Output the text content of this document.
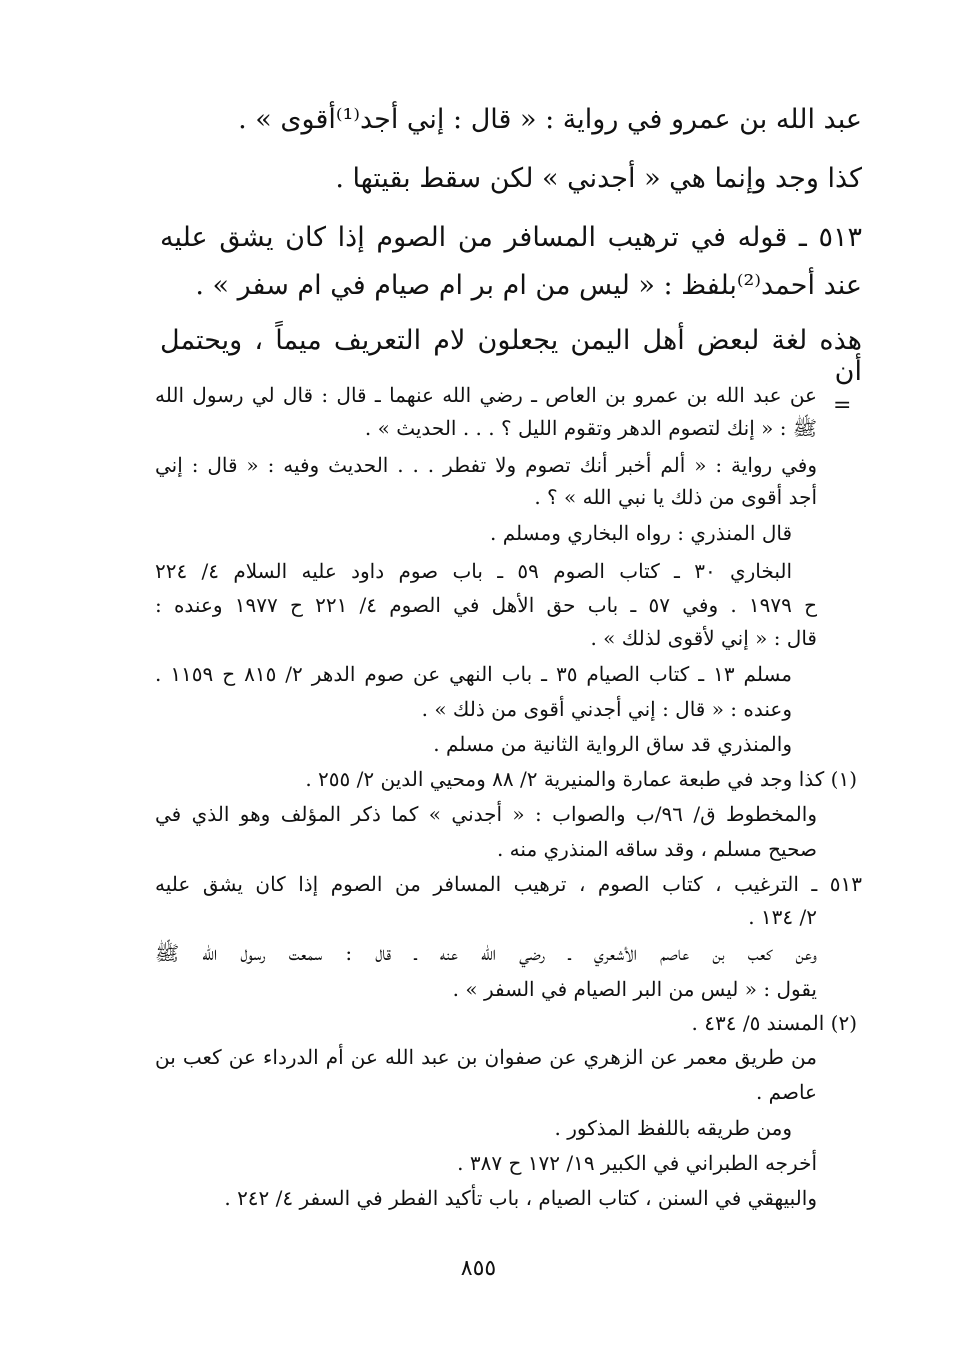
عبد الله بن عمرو في رواية : « قال : إني أجد⁽¹⁾أقوى » .
كذا وجد وإنما هي « أجدني » لكن سقط بقيتها .
٥١٣ ـ قوله في ترهيب المسافر من الصوم إذا كان يشق عليه
عند أحمد⁽²⁾بلفظ : « ليس من ام بر ام صيام في ام سفر » .
هذه لغة لبعض أهل اليمن يجعلون لام التعريف ميماً ، ويحتمل أن
=
عن عبد الله بن عمرو بن العاص ـ رضي الله عنهما ـ قال : قال لي رسول الله
ﷺ : « إنك لتصوم الدهر وتقوم الليل ؟ . . . الحديث » .
وفي رواية : « ألم أخبر أنك تصوم ولا تفطر . . . الحديث وفيه : « قال : إني
أجد أقوى من ذلك يا نبي الله » ؟ .
قال المنذري : رواه البخاري ومسلم .
البخاري ٣٠ ـ كتاب الصوم ٥٩ ـ باب صوم داود عليه السلام ٤/ ٢٢٤
ح ١٩٧٩ . وفي ٥٧ ـ باب حق الأهل في الصوم ٤/ ٢٢١ ح ١٩٧٧ وعنده :
قال : « إني لأقوى لذلك » .
مسلم ١٣ ـ كتاب الصيام ٣٥ ـ باب النهي عن صوم الدهر ٢/ ٨١٥ ح ١١٥٩ .
وعنده : « قال : إني أجدني أقوى من ذلك » .
والمنذري قد ساق الرواية الثانية من مسلم .
(١) كذا وجد في طبعة عمارة والمنيرية ٢/ ٨٨ ومحيي الدين ٢/ ٢٥٥ .
والمخطوط ق/ ٩٦/ب والصواب : « أجدني » كما ذكر المؤلف وهو الذي في
صحيح مسلم ، وقد ساقه المنذري منه .
٥١٣ ـ الترغيب ، كتاب الصوم ، ترهيب المسافر من الصوم إذا كان يشق عليه
٢/ ١٣٤ .
وعن كعب بن عاصم الأشعري ـ رضي الله عنه ـ قال : سمعت رسول الله ﷺ
يقول : « ليس من البر الصيام في السفر » .
(٢) المسند ٥/ ٤٣٤ .
من طريق معمر عن الزهري عن صفوان بن عبد الله عن أم الدرداء عن كعب بن
عاصم .
ومن طريقه باللفظ المذكور .
أخرجه الطبراني في الكبير ١٩/ ١٧٢ ح ٣٨٧ .
والبيهقي في السنن ، كتاب الصيام ، باب تأكيد الفطر في السفر ٤/ ٢٤٢ .
٨٥٥
